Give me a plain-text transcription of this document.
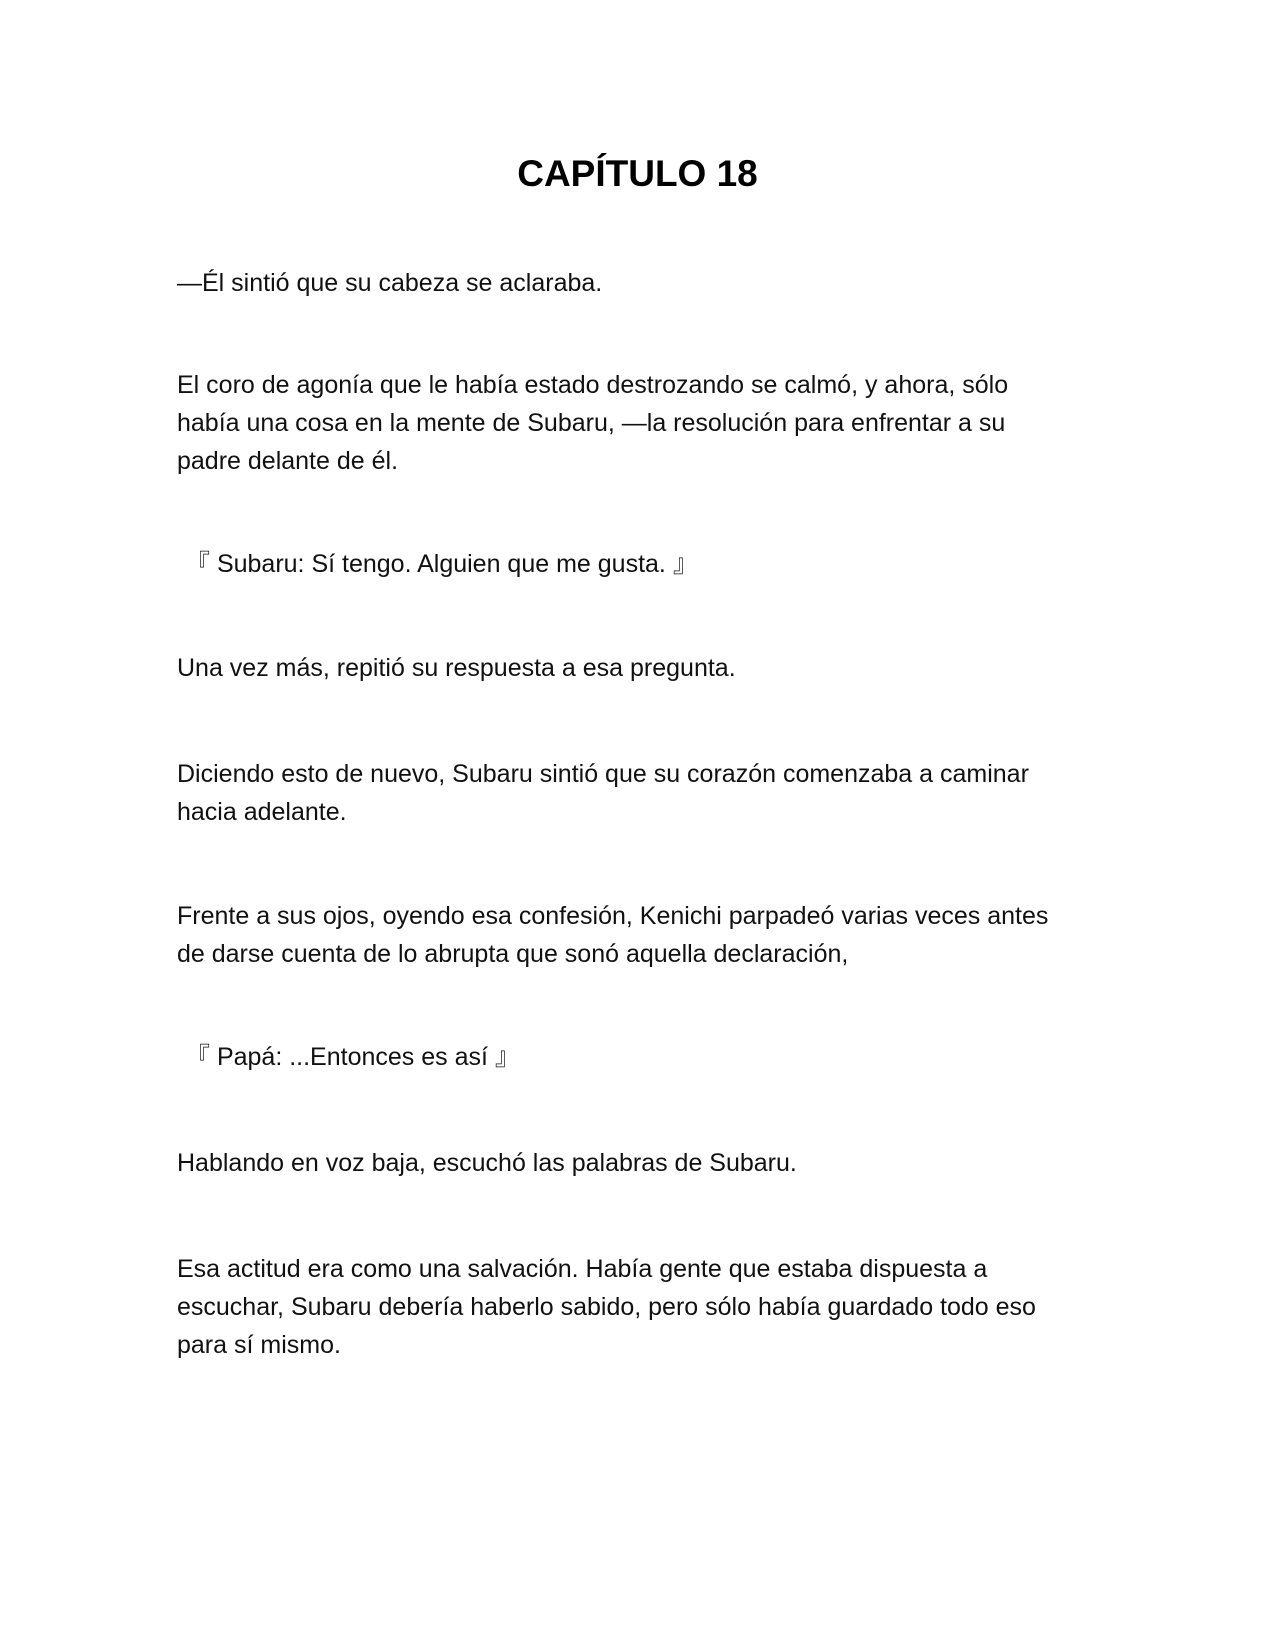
CAPÍTULO 18

—Él sintió que su cabeza se aclaraba.

El coro de agonía que le había estado destrozando se calmó, y ahora, sólo
había una cosa en la mente de Subaru, —la resolución para enfrentar a su
padre delante de él.

『 Subaru: Sí tengo. Alguien que me gusta. 』

Una vez más, repitió su respuesta a esa pregunta.

Diciendo esto de nuevo, Subaru sintió que su corazón comenzaba a caminar
hacia adelante.

Frente a sus ojos, oyendo esa confesión, Kenichi parpadeó varias veces antes
de darse cuenta de lo abrupta que sonó aquella declaración,

『 Papá: ...Entonces es así 』

Hablando en voz baja, escuchó las palabras de Subaru.

Esa actitud era como una salvación. Había gente que estaba dispuesta a
escuchar, Subaru debería haberlo sabido, pero sólo había guardado todo eso
para sí mismo.
